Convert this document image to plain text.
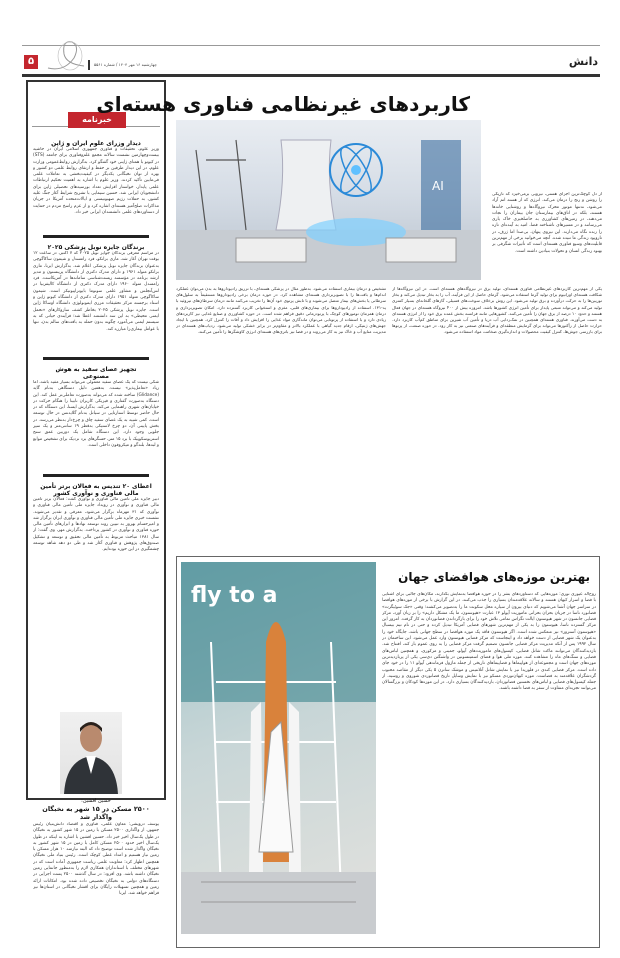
دانش
۵	چهارشنبه ۱۶ مهر ۱۴۰۴ / شماره ۵۵۶۱
خبرنامه
دیدار وزرای علوم ایران و ژاپن
وزیر علوم، تحقیقات و فناوری جمهوری اسلامی ایران در حاشیه بیست‌وچهارمین نشست سالانه مجمع علم‌وفناوری برای جامعه (STS) در کیوتو با همتای ژاپنی خود گفتگو کرد. به‌گزارش روابط‌عمومی وزارت علوم، در این دیدار طرفین بر حفظ و ارتقای روابط علمی دو کشور و بهره از توان نخبگانی یکدیگر در کیفیت‌بخشی به تعاملات علمی فی‌مابین تأکید کردند. وزیر علوم با اشاره به اهمیت تحکیم ارتباطات علمی پایدار، خواستار افزایش تعداد بورسیه‌های تحصیلی ژاپن برای دانشجویان ایرانی شد. حسین سیمایی با تشریح شرایط آغاز جنگ علیه کشور، به حملات رژیم صهیونیستی و ایالات‌متحده آمریکا در جریان مذاکرات صلح‌آمیز هسته‌ای اشاره کرد و از عزم راسخ مردم در حمایت از دستاوردهای علمی دانشمندان ایرانی خبر داد.
برندگان جایزه نوبل پزشکی ۲۰۲۵
در مراسم معرفی برندگان جوایز نوبل ۲۰۲۵ که ۷ اکتبر، در ساعت ۱۲ بوقت تهران آغاز شد، ماری برانکو، فرد رامسدل و شیمون ساکاگوچی به‌عنوان برندگان جایزه نوبل پزشکی اعلام شد. به‌گزارش ایرنا، ماری برانکو متولد ۱۹۶۱ و دارای مدرک دکتری از دانشگاه پرینستون و مدیر ارشد برنامه در مؤسسه زیست‌شناسی سامانه‌ها در آمریکاست. فرد رامسدل متولد ۱۹۶۰ دارای مدرک دکتری از دانشگاه کالیفرنیا در لس‌آنجلس و مشاور علمی سونوما بایوتراپیوتیکز است. شیمون ساکاگوچی متولد ۱۹۵۱ دارای مدرک دکتری از دانشگاه کیوتو ژاپن و استاد برجسته مرکز تحقیقات مرزی ایمونولوژی دانشگاه اوساکا ژاپن است. جایزه نوبل پزشکی ۲۰۲۵ بخاطر کشف سازوکارهای «تحمل ایمنی محیطی» به این سه دانشمند اعطا شد؛ فرآیندی حیاتی که به سیستم ایمنی می‌آموزد چگونه بدون حمله به بافت‌های سالم بدن، تنها با عوامل بیماری‌زا مبارزه کند.
تجهیز عصای سفید به هوش مصنوعی
شکی نیست که یک عصای سفید معمولی می‌تواند بسیار مفید باشد، اما زیاد «تعامل‌پذیر» نیست. به‌همین دلیل دستگاهی به‌نام گاید (Glidance) ساخته شده که می‌تواند به‌صورت تعاملی‌تر عمل کند. این دستگاه به‌صورت گفتاری و فیزیکی کاربران نابینا را هنگام حرکت در خیابان‌های شهری راهنمایی می‌کند. به‌گزارش ایسنا، این دستگاه که در حال حاضر توسط استارتاپی در سیاتل به‌نام گلایدنس در حال توسعه است، کمی شبیه به یک عصای سفید چاق و چرخ‌دار به‌نظر می‌رسد. در بخش پایینی آن، دو چرخ لاستیکی به‌قطر ۱۹ سانتی‌متر و یک سپر جلویی وجود دارد. این دستگاه شامل یک دوربین عمق سنج استریوسکوپیک با برد ۱۵ متر، حسگرهای برد نزدیک برای تشخیص موانع و لبه‌ها، بلندگو و میکروفون داخلی است.
اعطای ۲۰ تندیس به فعالان برتر تأمین مالی فناوری و نوآوری کشور
دبیر جایزه ملی تأمین مالی فناوری و نوآوری گفت: فعالان برتر تأمین مالی فناوری و نوآوری در رویداد جایزه ملی تأمین مالی فناوری و نوآوری که ۳۱ مهرماه برگزار می‌شود، معرفی و تقدیر می‌شوند. نشست خبری جایزه ملی تأمین مالی فناوری و نوآوری ایران برگزار شد و امیرحسام بهروز به تبیین روند توسعه نهادها و ابزارهای تأمین مالی حوزه فناوری و نوآوری در کشور پرداخت. به‌گزارش مهر، وی گفت: از سال ۱۳۸۱ مباحث مربوط به تأمین مالی تحقیق و توسعه و تشکیل صندوق‌های پژوهش و فناوری آغاز شد و طی دو دهه شاهد توسعه چشمگیری در این حوزه بوده‌ایم.
حسین افشین:
۲۵۰۰ مسکن در ۱۵ شهر به نخبگان واگذار شد
یوسف درویشی: معاون علمی، فناوری و اقتصاد دانش‌بنیان رئیس جمهور، از واگذاری ۲۵۰۰ مسکن با زمین در ۱۵ شهر کشور به نخبگان در طول یک‌سال اخیر خبر داد. حسین افشین با اشاره به اینکه در طول یک‌سال اخیر حدود ۲۵۰۰ مسکن کامل با زمین در ۱۵ شهر کشور به نخبگان واگذار شده است توضیح داد که البته نیازمند ۱۰ هزار مسکن با زمین نیاز هستیم و امداد غطی کوچک است. رئیس بنیاد ملی نخبگان همچنین اظهار کرد: معاونت علمی ریاست جمهوری آماده است که در شهرهای مختلف با استانداران همکاری لازم را به‌منظور جانمایی زمین نخبگان داشته باشد. وی افزود: در سال گذشته ۲۵۰۰ پست اجرایی در دستگاه‌های دولتی به نخبگان تخصیص داده شده بود. امکانات ارائه زمین و همچنین تسهیلات رایگان برای اقشار نخبگانی در استان‌ها نیز فراهم خواهد شد. ایرنا
کاربردهای غیرنظامی فناوری هسته‌ای
AI
از دل کوچک‌ترین اجزای هستی، نیرویی برمی‌خیزد که تاریکی را روشن و رنج را درمان می‌کند. انرژی که از هسته اتم آزاد می‌شود، نه‌تنها موتور محرک نیروگاه‌ها و روشنایی خانه‌ها هستند، بلکه در اتاق‌های بیمارستان جان بیماران را نجات می‌دهند، در زمین‌های کشاورزی به حاصلخیزی خاک یاری می‌رسانند و در مسیرهای ناشناخته فضا، امید به آینده‌ای تازه را زنده نگاه می‌دارند. این نیروی پنهان، بی‌صدا اما ژرف، در تاروپود زندگی ما تنیده شده. آنچه می‌خوانید برخی از مهم‌ترین قابلیت‌های وسیع فناوری هسته‌ای است که تأثیرات شگرفی بر بهبود زندگی انسان و تحولات بنیادین داشته است.
یکی از مهم‌ترین کاربردهای غیرنظامی فناوری هسته‌ای، تولید برق در نیروگاه‌های هسته‌ای است. در این نیروگاه‌ها از شکافت هسته‌ای اورانیوم برای تولید گرما استفاده می‌شود. گرمای حاصل از این فرآیند، آب را به بخار تبدیل می‌کند و بخار توربین‌ها را به حرکت درآورده و برق تولید می‌شود. این روش برخلاف سوخت‌های فسیلی، گازهای گلخانه‌ای بسیار کمتری تولید می‌کند و می‌تواند منبعی پایدار برای تأمین انرژی کشورها باشد. امروزه بیش از ۴۰۰ نیروگاه هسته‌ای در جهان فعال هستند و حدود ۱۰ درصد از برق جهان را تأمین می‌کنند. کشورهایی مانند فرانسه بخش عمده برق خود را از انرژی هسته‌ای به دست می‌آورند. فناوری هسته‌ای همچنین در نمک‌زدایی آب دریا و تأمین آب شیرین برای مناطق کم‌آب کاربرد دارد. حرارت حاصل از رآکتورها می‌تواند برای گرمایش منطقه‌ای و فرآیندهای صنعتی نیز به کار رود. در حوزه صنعت، از پرتوها برای بازرسی جوش‌ها، کنترل کیفیت محصولات و اندازه‌گیری ضخامت مواد استفاده می‌شود.
تشخیص و درمان بیماری استفاده می‌شود. به‌طور مثال در پزشکی هسته‌ای، با تزریق رادیوداروها به بدن می‌توان عملکرد اندام‌ها و بافت‌ها را با تصویربرداری هسته‌ای مشاهده کرد. در حوزه درمان برخی رادیوداروها مستقیماً به سلول‌های سرطانی یا بخش‌های بیمار متصل می‌شوند و با تابش پرتوی خود آن‌ها را تخریب می‌کنند مانند درمان سرطان‌های تیروئید با ید-۱۳۱. استفاده از رادیوداروها برای بیماری‌های قلبی، مغزی و استخوانی کاربرد گسترده دارد. امکان تصویربرداری و درمان همزمان تومورهای کوچک با پرتودرمانی دقیق فراهم شده است. در حوزه کشاورزی و صنایع غذایی نیز کاربردهای زیادی دارد و با استفاده از پرتوتابی می‌توان ماندگاری مواد غذایی را افزایش داد و آفات را کنترل کرد. همچنین با ایجاد جهش‌های ژنتیکی، ارقام جدید گیاهی با عملکرد بالاتر و مقاوم‌تر در برابر خشکی تولید می‌شود. ردیاب‌های هسته‌ای در مدیریت منابع آب و خاک نیز به کار می‌روند و در فضا نیز باتری‌های هسته‌ای انرژی کاوشگرها را تأمین می‌کنند.
fly to a
بهترین موزه‌های هوافضای جهان
روح‌اله عیوری نوری: موزه‌هایی که دستاوردهای بشر را در حوزه هوافضا به‌نمایش بگذارند، مکان‌های جالبی برای آشنایی با فضا و اسرار کیهان هستند و سالانه علاقه‌مندان بسیاری را جذب می‌کنند. در این گزارش با برخی از موزه‌های هوافضا در سراسر جهان آشنا می‌شویم که دنیای بیرون از سیاره محل سکونت ما را به‌تصویر می‌کشند؛ وقتی «جک سوئیگرت» فضانورد ناسا در جریان بحران بحرانی ماموریت آپولو ۱۳ عبارت «هیوستون، ما یک مشکل داریم» را بر زبان آورد، مرکز فضایی جانسون در شهر هیوستون ایالت تگزاس تمامی تلاش خود را برای بازگرداندن فضانوردان به کار گرفت. امروز این مرکز گسترده ناسا، هیوستون را به یکی از مهم‌ترین شهرهای فضایی آمریکا تبدیل کرده و حتی در نام تیم بیسبال «هیوستون آستروز» نیز منعکس شده است. اگر هیوستون فاقد یک موزه هوافضا در سطح جهانی باشد، جایگاه خود را به‌عنوان یک شهر فضایی از دست خواهد داد و اینجاست که مرکز فضایی هیوستون وارد عمل می‌شود. این ساختمان در سال ۱۹۹۲ پس از آنکه مدیریت مرکز فضایی جانسون تصمیم گرفت مرکز فضایی را به روی عموم باز کند، افتتاح شد. بازدیدکنندگان می‌توانند ماکت شاتل فضایی، کپسول‌های ماموریت‌های آپولو، جمینی و مرکوری، و همچنین لباس‌های فضایی و سنگ‌های ماه را مشاهده کنند. موزه ملی هوا و فضای اسمیتسونین در واشنگتن دی‌سی یکی از پربازدیدترین موزه‌های جهان است و مجموعه‌ای از هواپیماها و فضاپیماهای تاریخی از جمله ماژول فرماندهی آپولو ۱۱ را در خود جای داده است. مرکز فضایی کندی در فلوریدا نیز با نمایش شاتل آتلانتیس و موشک ساترن ۵ یکی دیگر از مقاصد محبوب گردشگران علاقه‌مند به فضاست. موزه کیهان‌نوردی مسکو نیز با نمایش وسایل تاریخ فضانوردی شوروی و روسیه، از جمله کپسول‌های فضایی و لباس‌های نخستین فضانوردان، بازدیدکنندگان بسیاری دارد. در این موزه‌ها کودکان و بزرگسالان می‌توانند تجربه‌ای متفاوت از سفر به فضا داشته باشند.
